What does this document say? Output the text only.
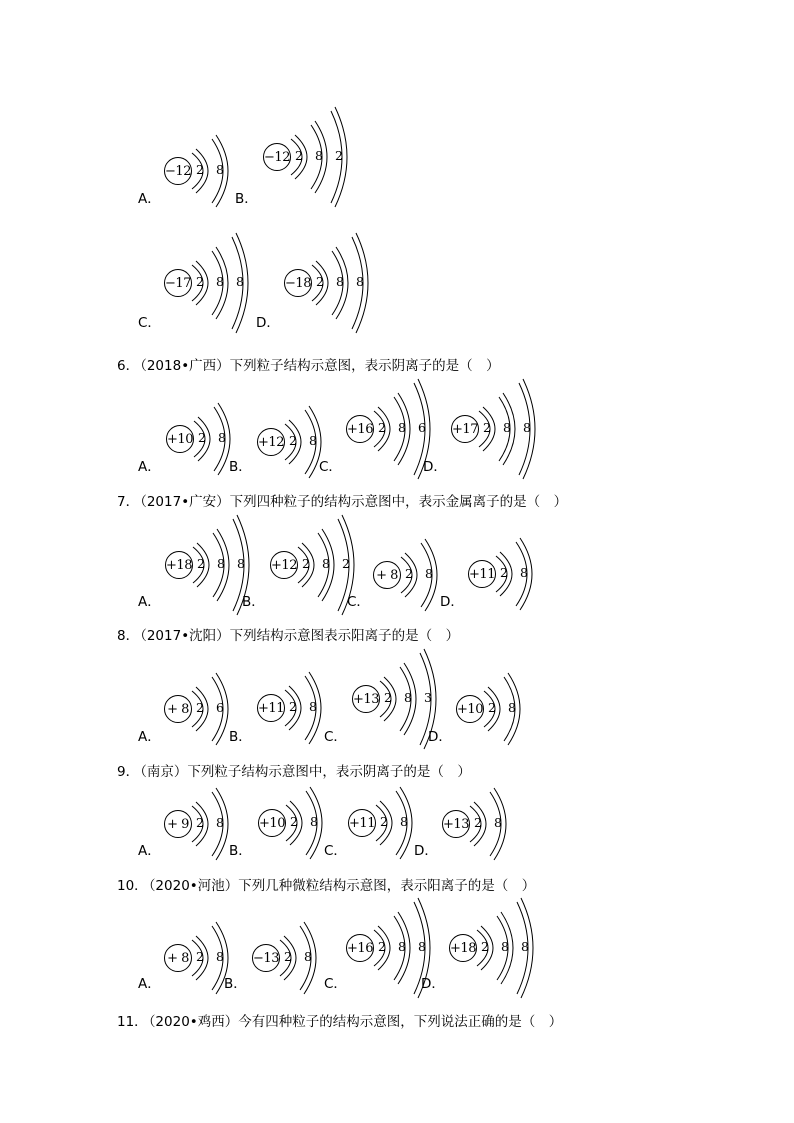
6．（2018•广西）下列粒子结构示意图，表示阴离子的是（　）
7．（2017•广安）下列四种粒子的结构示意图中，表示金属离子的是（　）
8．（2017•沈阳）下列结构示意图表示阳离子的是（　）
9．（南京）下列粒子结构示意图中，表示阴离子的是（　）
10．（2020•河池）下列几种微粒结构示意图，表示阳离子的是（　）
11．（2020•鸡西）今有四种粒子的结构示意图，下列说法正确的是（　）
−12 2 8
A．
−12 2 8 2
B．
−17 2 8 8
C．
−18 2 8 8
D．
+10 2 8
A．
+12 2 8
B．
+16 2 8 6
C．
+17 2 8 8
D．
+18 2 8 8
A．
+12 2 8 2
B．
+ 8 2 8
C．
+11 2 8
D．
+ 8 2 6
A．
+11 2 8
B．
+13 2 8 3
C．
+10 2 8
D．
+ 9 2 8
A．
+10 2 8
B．
+11 2 8
C．
+13 2 8
D．
+ 8 2 8
A．
−13 2 8
B．
+16 2 8 8
C．
+18 2 8 8
D．
